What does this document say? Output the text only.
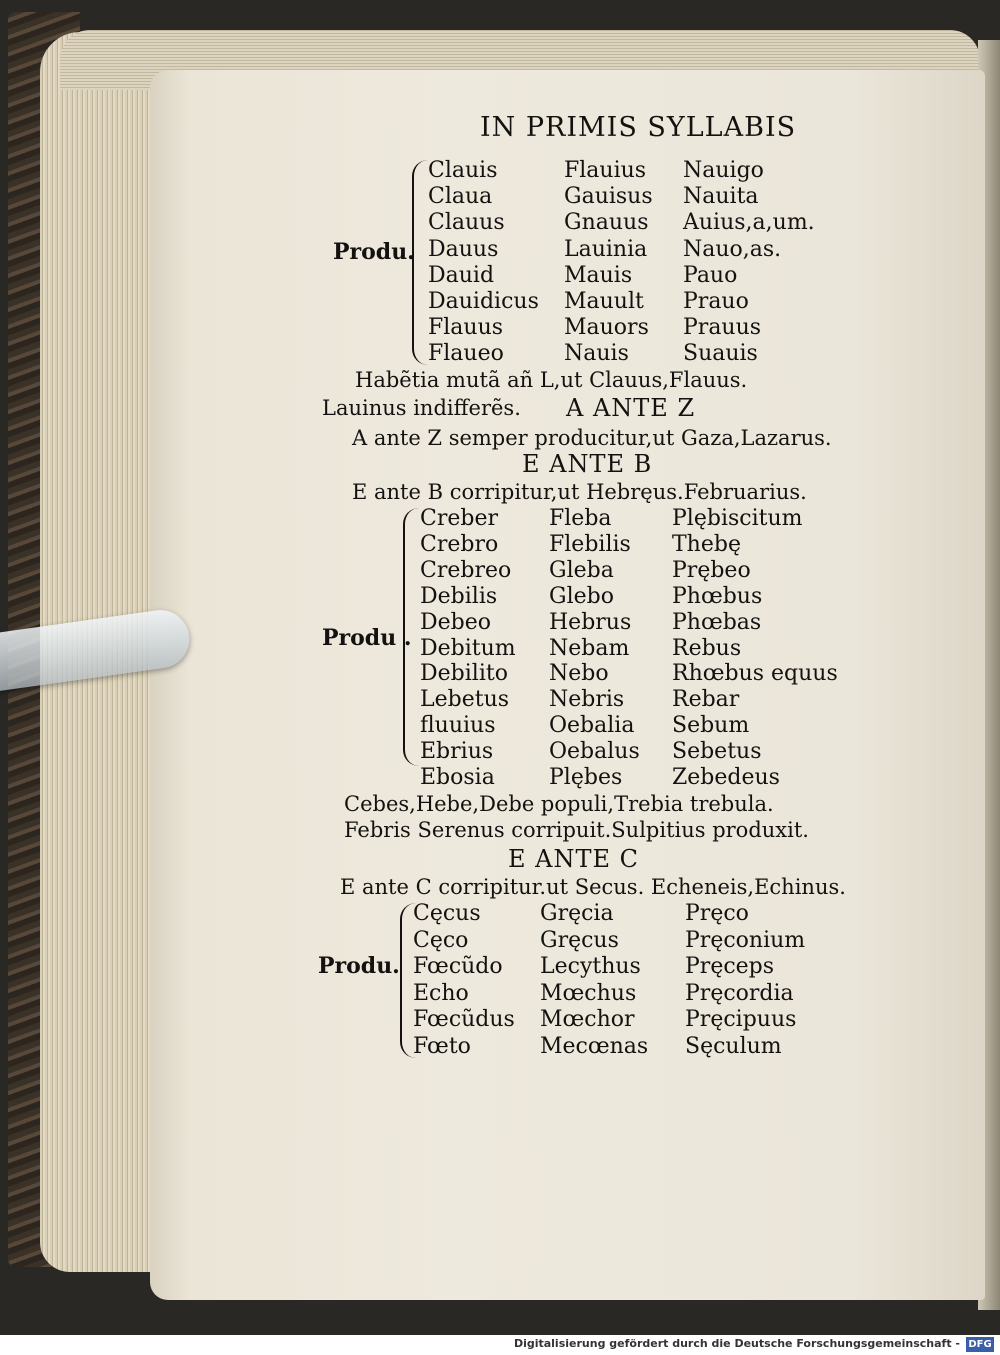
IN PRIMIS SYLLABIS
Produ.
Clauis
Claua
Clauus
Dauus
Dauid
Dauidicus
Flauus
Flaueo
Flauius
Gauisus
Gnauus
Lauinia
Mauis
Mauult
Mauors
Nauis
Nauigo
Nauita
Auius,a,um.
Nauo,as.
Pauo
Prauo
Prauus
Suauis
Habẽtia mutã añ L,ut Clauus,Flauus.
Lauinus indifferẽs. A ANTE Z
A ante Z semper producitur,ut Gaza,Lazarus.
E ANTE B
E ante B corripitur,ut Hebręus.Februarius.
Produ .
Creber
Crebro
Crebreo
Debilis
Debeo
Debitum
Debilito
Lebetus
fluuius
Ebrius
Ebosia
Fleba
Flebilis
Gleba
Glebo
Hebrus
Nebam
Nebo
Nebris
Oebalia
Oebalus
Plębes
Plębiscitum
Thebę
Prębeo
Phœbus
Phœbas
Rebus
Rhœbus equus
Rebar
Sebum
Sebetus
Zebedeus
Cebes,Hebe,Debe populi,Trebia trebula.
Febris Serenus corripuit.Sulpitius produxit.
E ANTE C
E ante C corripitur.ut Secus. Echeneis,Echinus.
Produ.
Cęcus
Cęco
Fœcũdo
Echo
Fœcũdus
Fœto
Gręcia
Gręcus
Lecythus
Mœchus
Mœchor
Mecœnas
Pręco
Pręconium
Pręceps
Pręcordia
Pręcipuus
Sęculum
Digitalisierung gefördert durch die Deutsche Forschungsgemeinschaft - DFG
